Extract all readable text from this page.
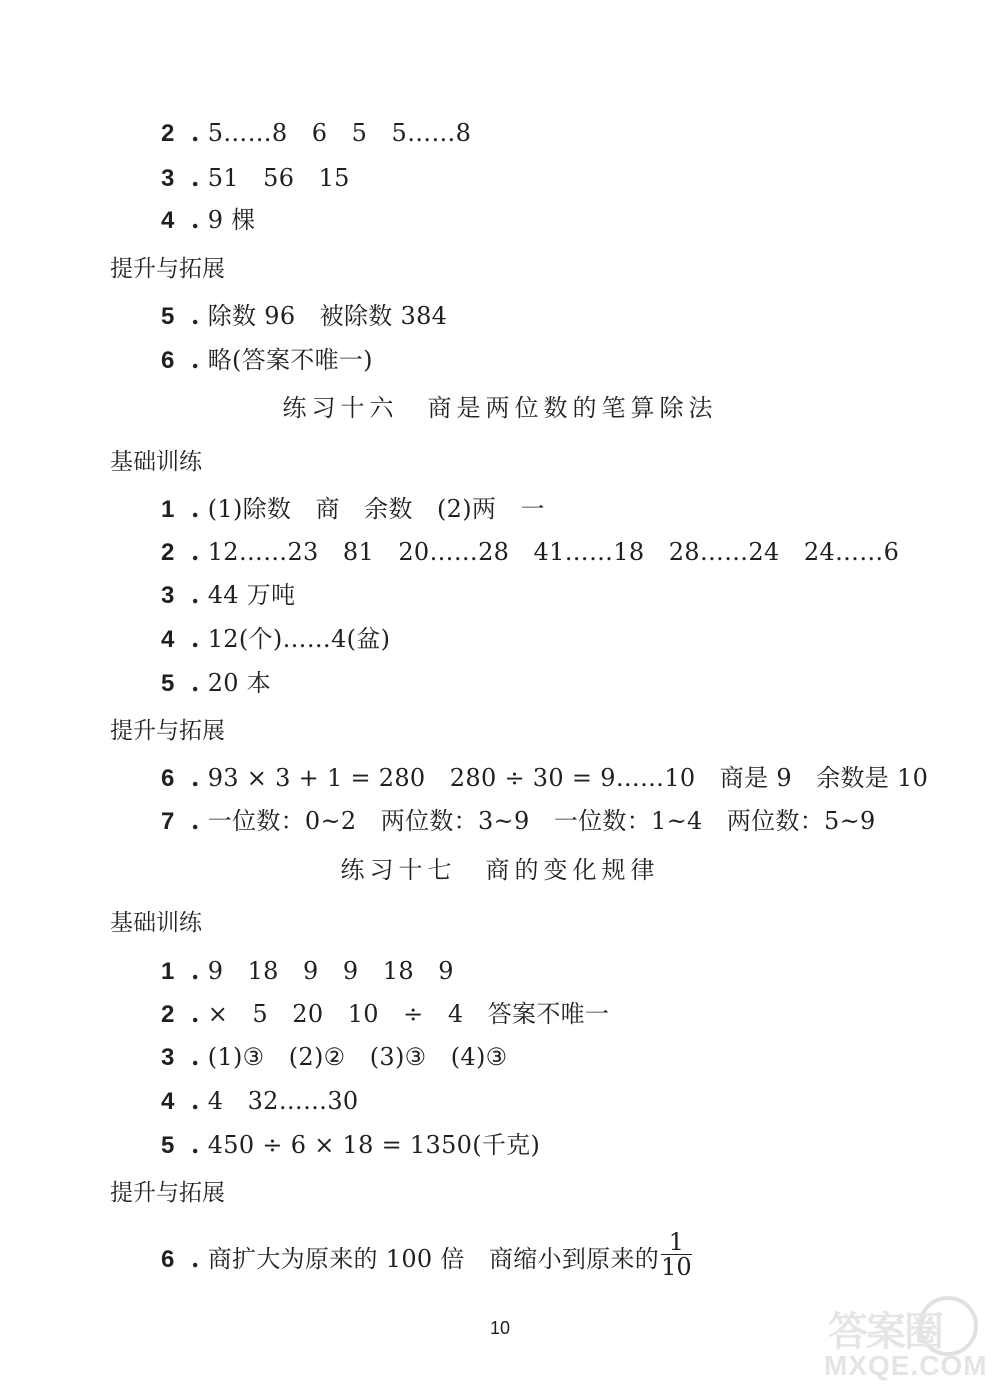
2 . 5……8　6　5　5……8
3 . 51　56　15
4 . 9 棵
提升与拓展
5 . 除数 96　被除数 384
6 . 略(答案不唯一)
练习十六　商是两位数的笔算除法
基础训练
1 . (1)除数　商　余数　(2)两　一
2 . 12……23　81　20……28　41……18　28……24　24……6
3 . 44 万吨
4 . 12(个)……4(盆)
5 . 20 本
提升与拓展
6 . 93 × 3 + 1 = 280　280 ÷ 30 = 9……10　商是 9　余数是 10
7 . 一位数：0~2　两位数：3~9　一位数：1~4　两位数：5~9
练习十七　商的变化规律
基础训练
1 . 9　18　9　9　18　9
2 . ×　5　20　10　÷　4　答案不唯一
3 . (1)③　(2)②　(3)③　(4)③
4 . 4　32……30
5 . 450 ÷ 6 × 18 = 1350(千克)
提升与拓展
6 . 商扩大为原来的 100 倍　商缩小到原来的 $\frac{1}{10}$
10	答案圈
MXQE.COM
